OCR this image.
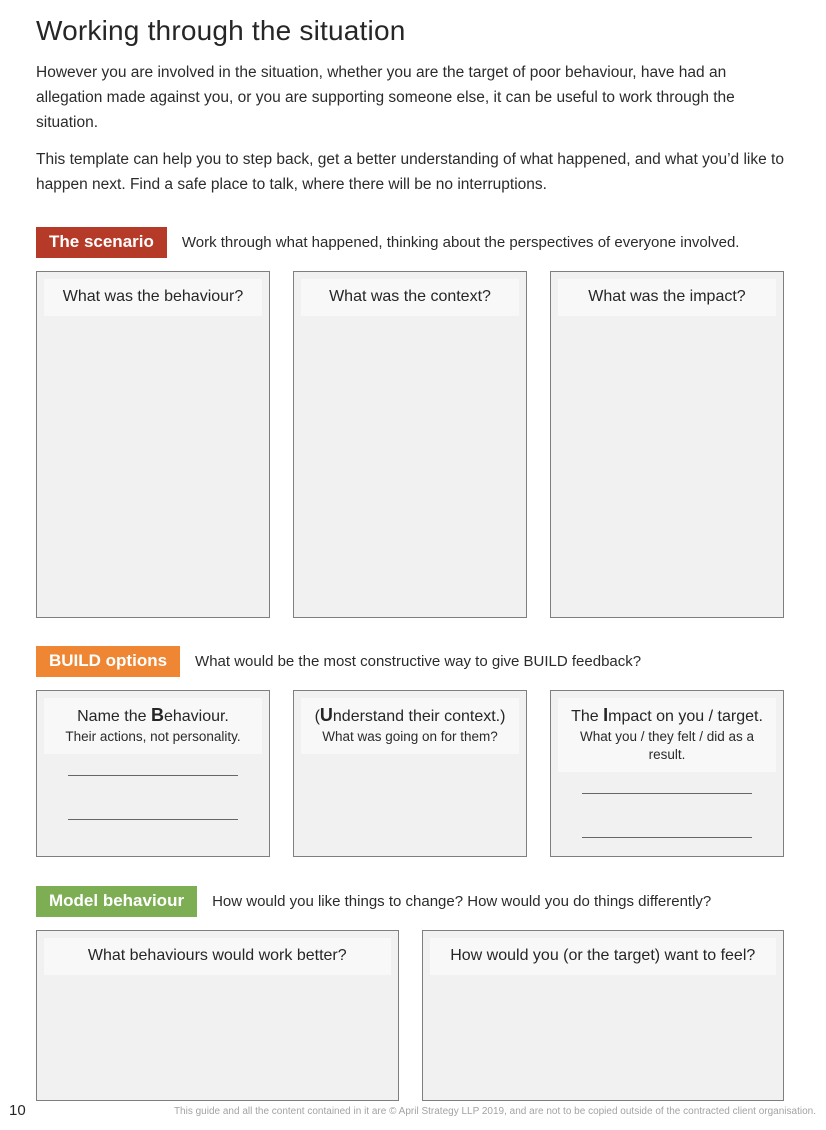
Working through the situation

However you are involved in the situation, whether you are the target of poor behaviour, have had an allegation made against you, or you are supporting someone else, it can be useful to work through the situation.

This template can help you to step back, get a better understanding of what happened, and what you’d like to happen next. Find a safe place to talk, where there will be no interruptions.

The scenario	Work through what happened, thinking about the perspectives of everyone involved.
What was the behaviour?	What was the context?	What was the impact?
BUILD options	What would be the most constructive way to give BUILD feedback?
Name the Behaviour.
Their actions, not personality.
(Understand their context.)
What was going on for them?
The Impact on you / target.
What you / they felt / did as a result.
Model behaviour	How would you like things to change? How would you do things differently?
What behaviours would work better?	How would you (or the target) want to feel?
10	This guide and all the content contained in it are © April Strategy LLP 2019, and are not to be copied outside of the contracted client organisation.
